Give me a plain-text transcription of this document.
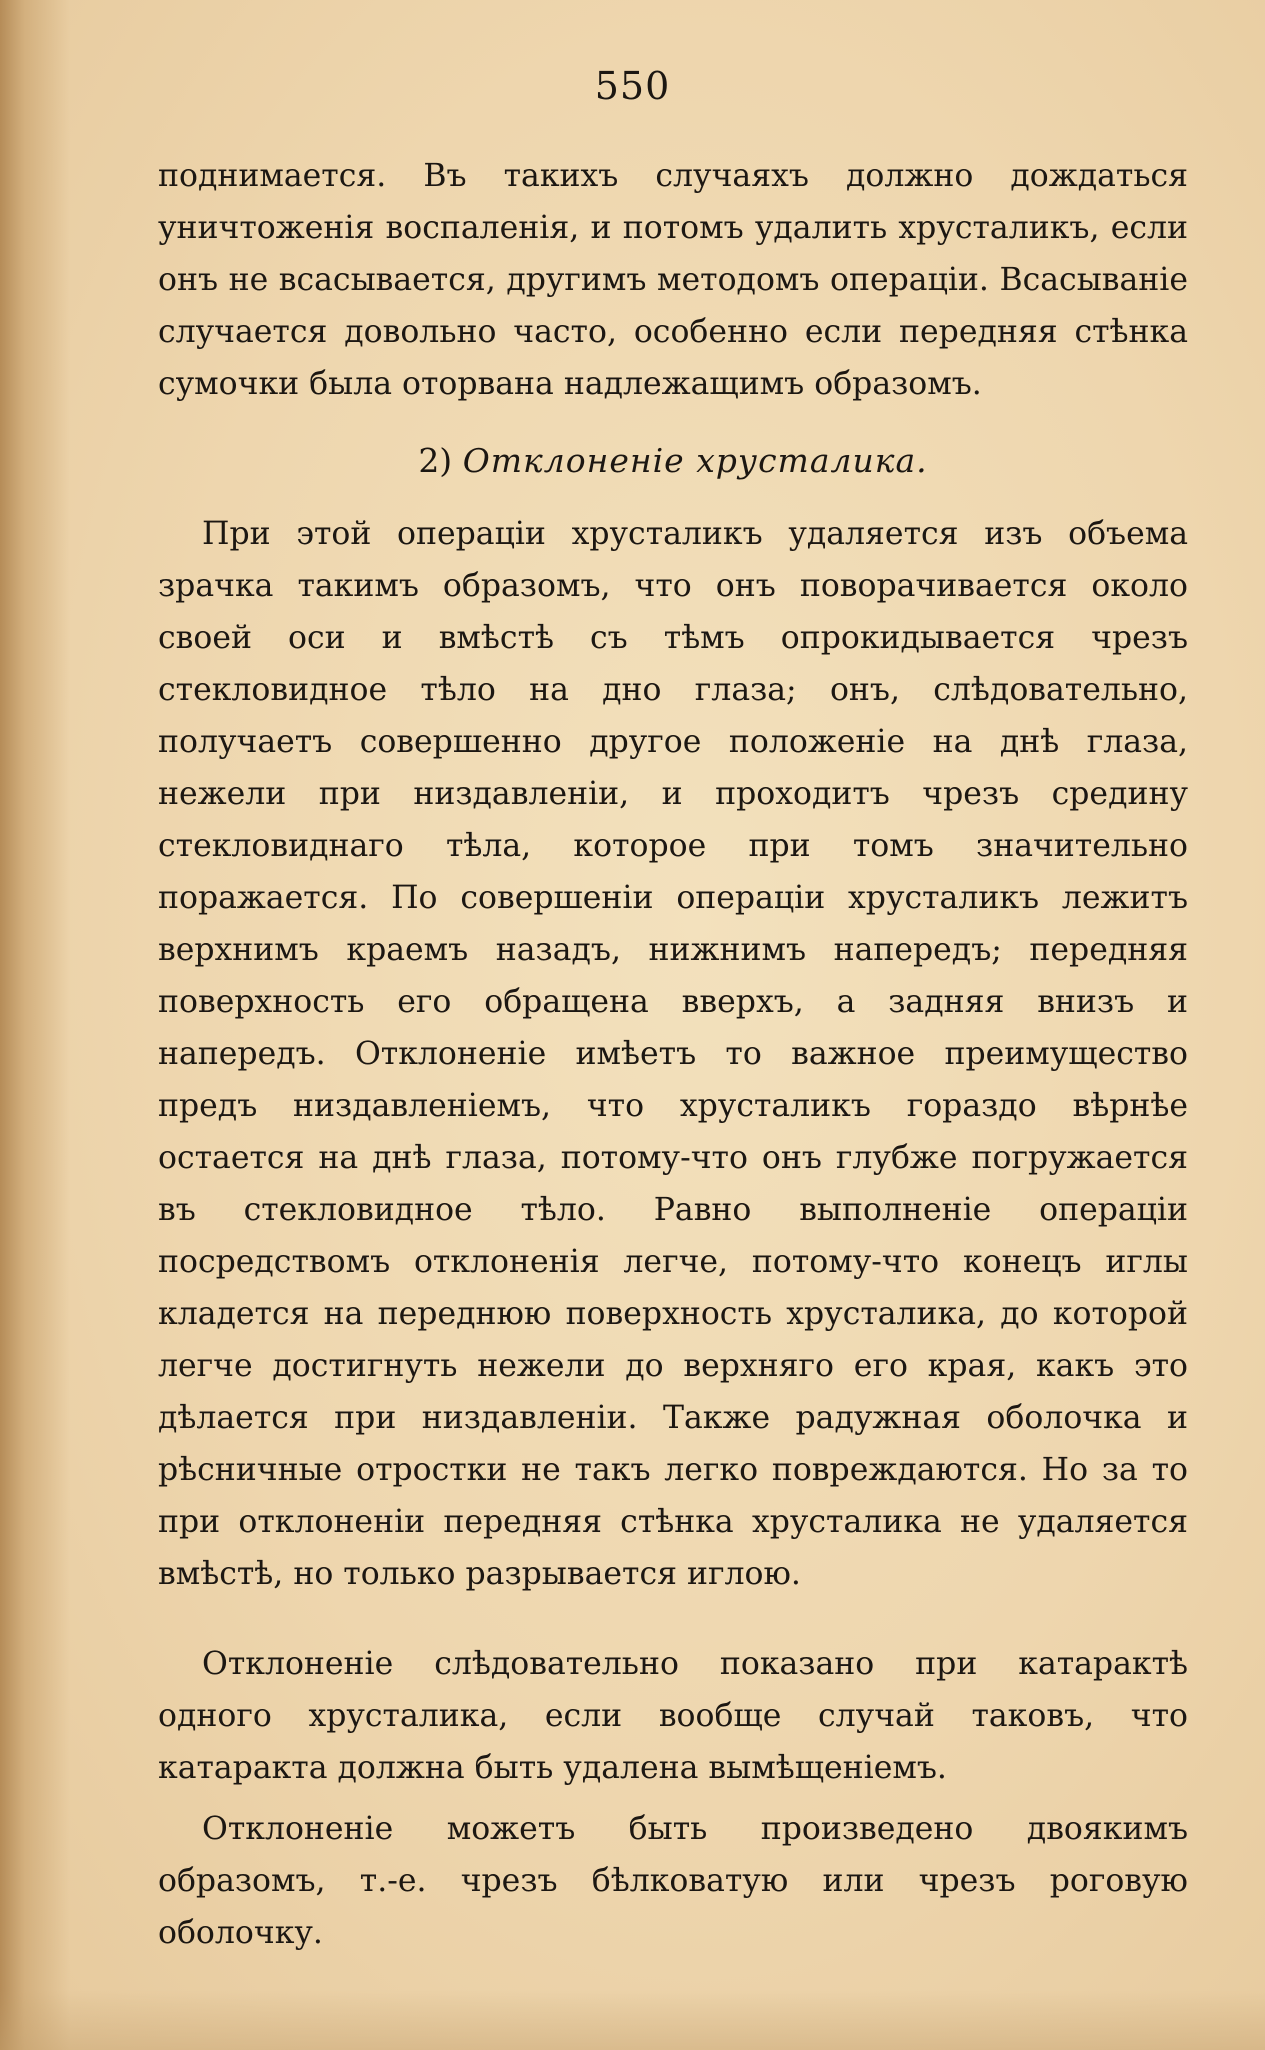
550

поднимается. Въ такихъ случаяхъ должно дождаться уничтоженія воспаленія, и потомъ удалить хрусталикъ, если онъ не всасывается, другимъ методомъ операціи. Всасываніе случается довольно часто, особенно если передняя стѣнка сумочки была оторвана надлежащимъ образомъ.

2) Отклоненіе хрусталика.

При этой операціи хрусталикъ удаляется изъ объема зрачка такимъ образомъ, что онъ поворачивается около своей оси и вмѣстѣ съ тѣмъ опрокидывается чрезъ стекловидное тѣло на дно глаза; онъ, слѣдовательно, получаетъ совершенно другое положеніе на днѣ глаза, нежели при низдавленіи, и проходитъ чрезъ средину стекловиднаго тѣла, которое при томъ значительно поражается. По совершеніи операціи хрусталикъ лежитъ верхнимъ краемъ назадъ, нижнимъ напередъ; передняя поверхность его обращена вверхъ, а задняя внизъ и напередъ. Отклоненіе имѣетъ то важное преимущество предъ низдавленіемъ, что хрусталикъ гораздо вѣрнѣе остается на днѣ глаза, потому-что онъ глубже погружается въ стекловидное тѣло. Равно выполненіе операціи посредствомъ отклоненія легче, потому-что конецъ иглы кладется на переднюю поверхность хрусталика, до которой легче достигнуть нежели до верхняго его края, какъ это дѣлается при низдавленіи. Также радужная оболочка и рѣсничные отростки не такъ легко повреждаются. Но за то при отклоненіи передняя стѣнка хрусталика не удаляется вмѣстѣ, но только разрывается иглою.

Отклоненіе слѣдовательно показано при катарактѣ одного хрусталика, если вообще случай таковъ, что катаракта должна быть удалена вымѣщеніемъ.

Отклоненіе можетъ быть произведено двоякимъ образомъ, т.-е. чрезъ бѣлковатую или чрезъ роговую оболочку.
